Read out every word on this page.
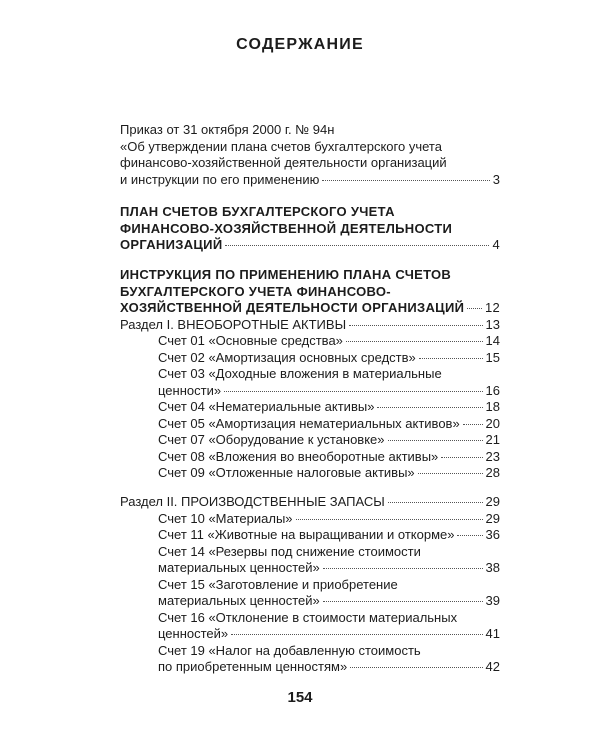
СОДЕРЖАНИЕ
Приказ от 31 октября 2000 г. № 94н
«Об утверждении плана счетов бухгалтерского учета
финансово-хозяйственной деятельности организаций
и инструкции по его применению	3
ПЛАН СЧЕТОВ БУХГАЛТЕРСКОГО УЧЕТА
ФИНАНСОВО-ХОЗЯЙСТВЕННОЙ ДЕЯТЕЛЬНОСТИ
ОРГАНИЗАЦИЙ	4
ИНСТРУКЦИЯ ПО ПРИМЕНЕНИЮ ПЛАНА СЧЕТОВ
БУХГАЛТЕРСКОГО УЧЕТА ФИНАНСОВО-
ХОЗЯЙСТВЕННОЙ ДЕЯТЕЛЬНОСТИ ОРГАНИЗАЦИЙ 12
Раздел I. ВНЕОБОРОТНЫЕ АКТИВЫ	13
Счет 01 «Основные средства»	14
Счет 02 «Амортизация основных средств»	15
Счет 03 «Доходные вложения в материальные
ценности»	16
Счет 04 «Нематериальные активы»	18
Счет 05 «Амортизация нематериальных активов» 20
Счет 07 «Оборудование к установке»	21
Счет 08 «Вложения во внеоборотные активы»	23
Счет 09 «Отложенные налоговые активы»	28
Раздел II. ПРОИЗВОДСТВЕННЫЕ ЗАПАСЫ	29
Счет 10 «Материалы»	29
Счет 11 «Животные на выращивании и откорме» 36
Счет 14 «Резервы под снижение стоимости
материальных ценностей»	38
Счет 15 «Заготовление и приобретение
материальных ценностей»	39
Счет 16 «Отклонение в стоимости материальных
ценностей»	41
Счет 19 «Налог на добавленную стоимость
по приобретенным ценностям»	42
154
